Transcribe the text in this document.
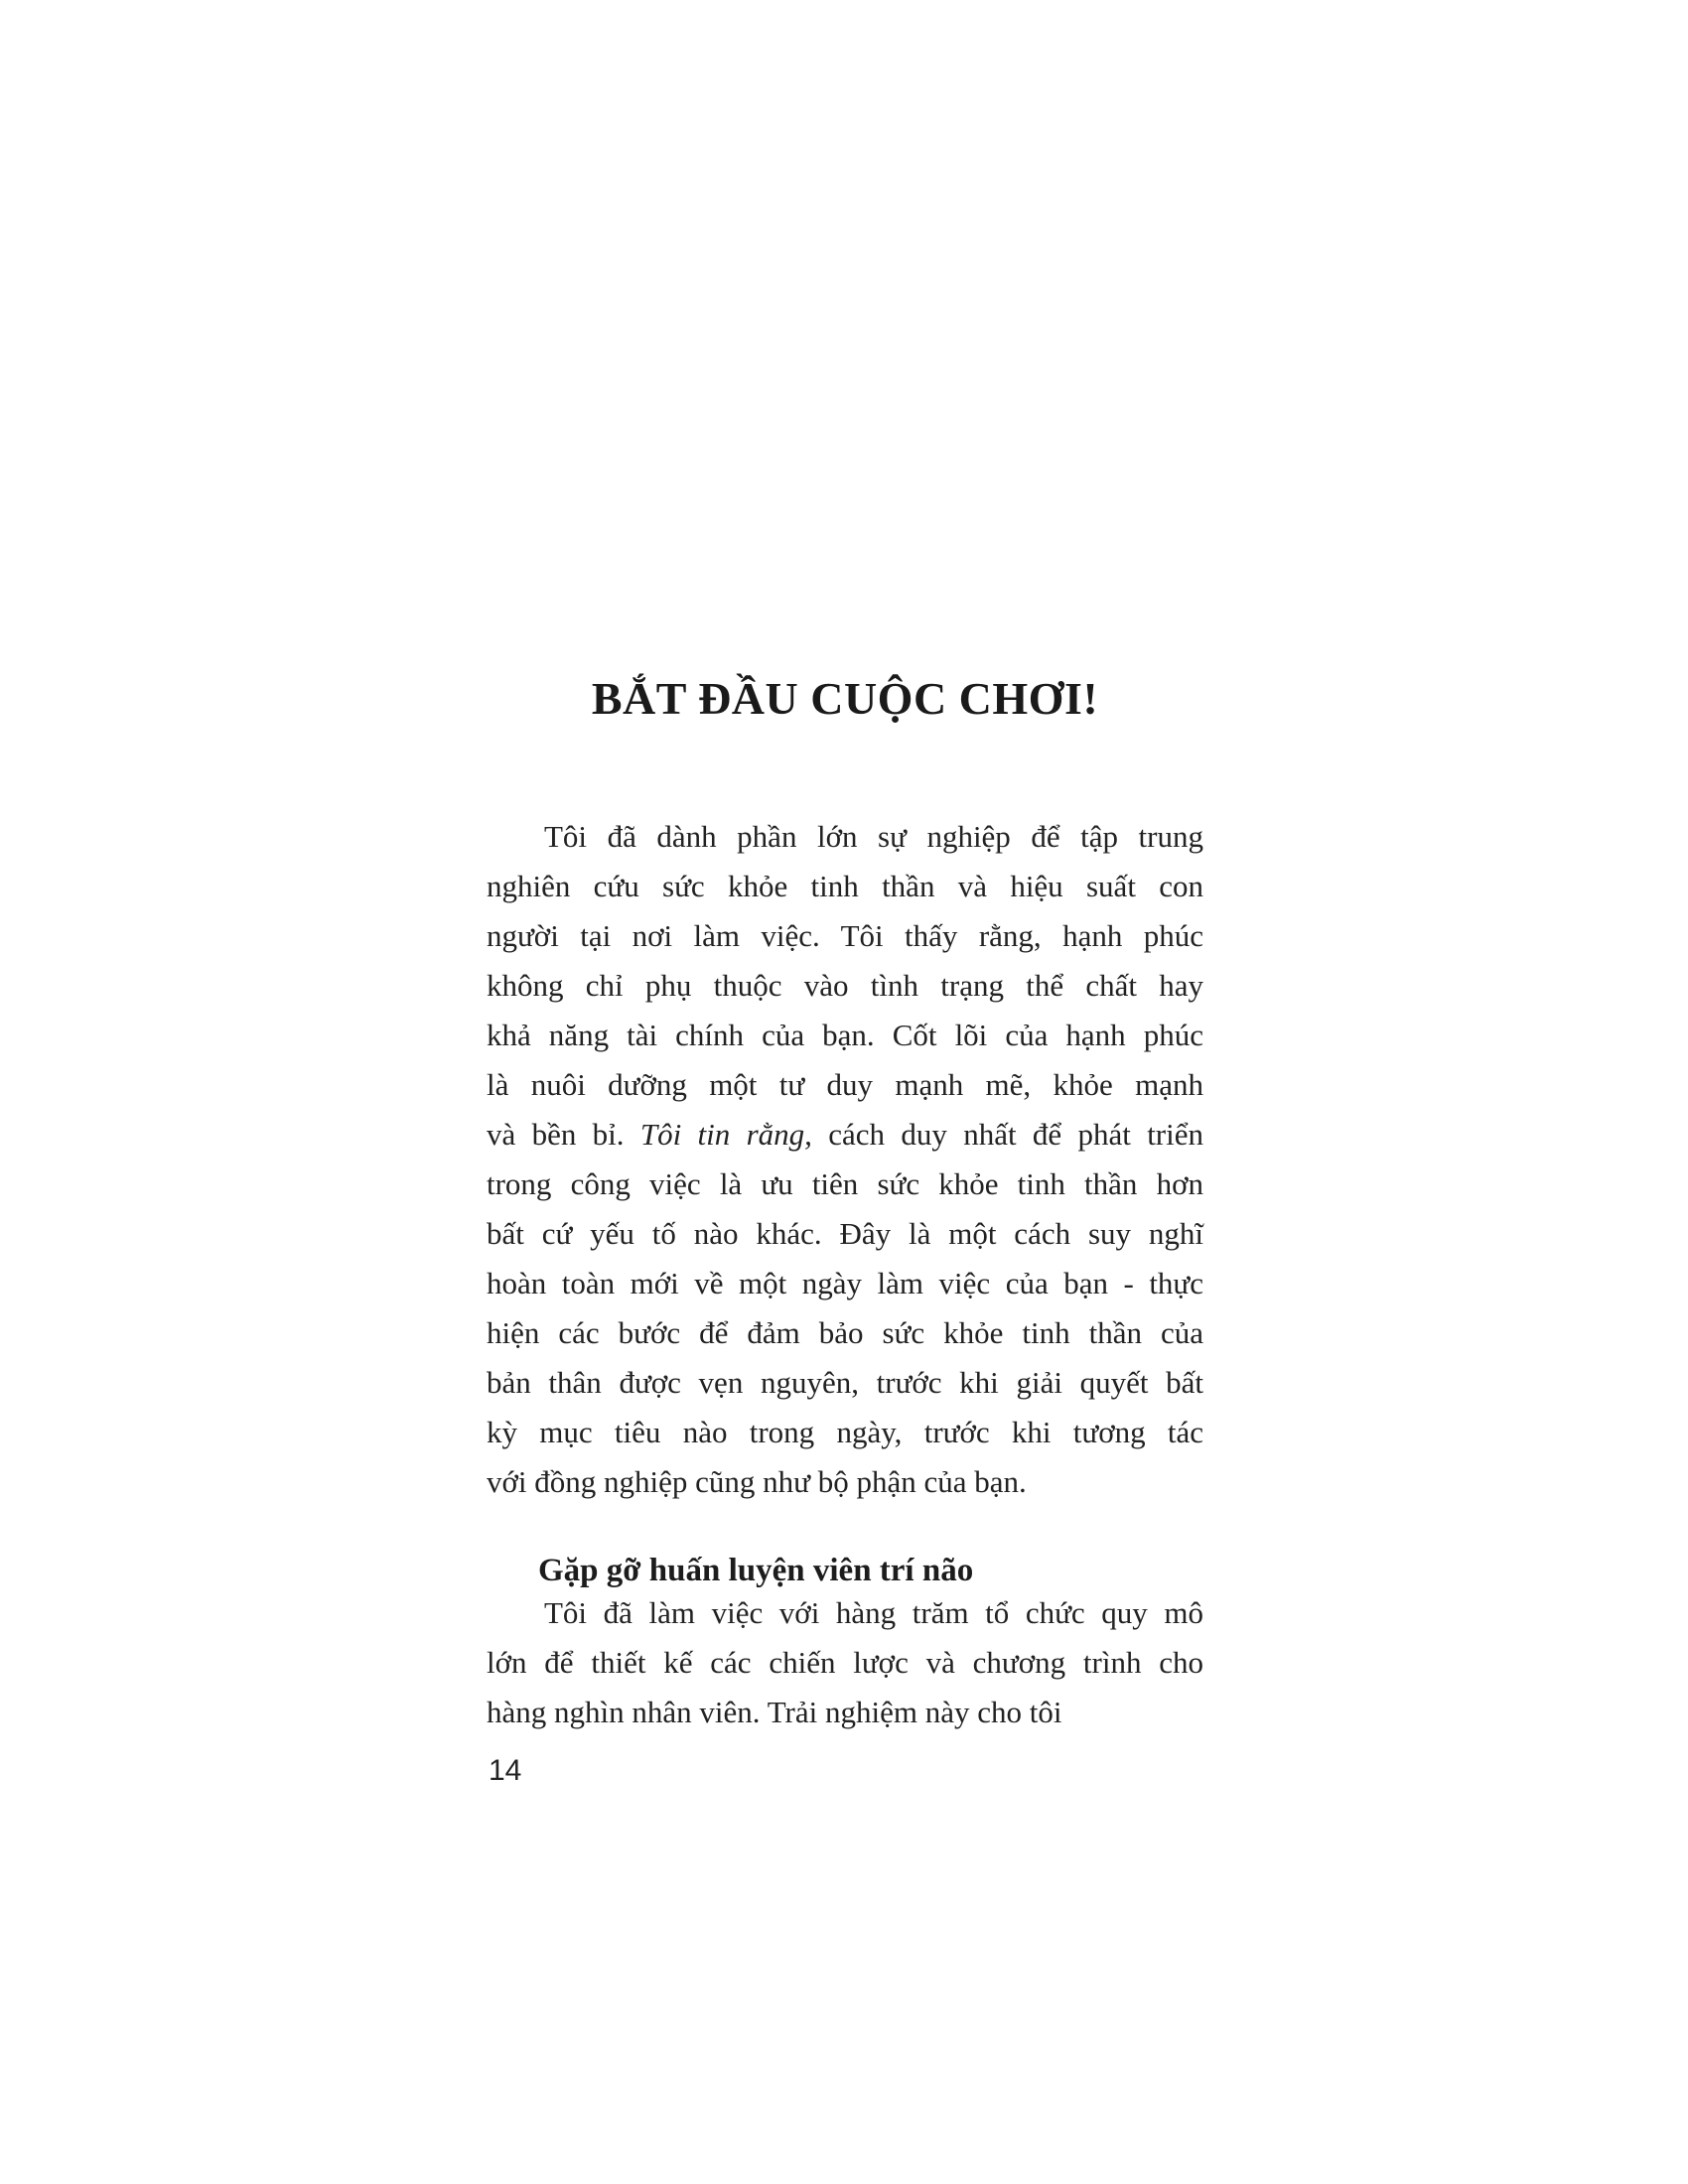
BẮT ĐẦU CUỘC CHƠI!
Tôi đã dành phần lớn sự nghiệp để tập trung
nghiên cứu sức khỏe tinh thần và hiệu suất con
người tại nơi làm việc. Tôi thấy rằng, hạnh phúc
không chỉ phụ thuộc vào tình trạng thể chất hay
khả năng tài chính của bạn. Cốt lõi của hạnh phúc
là nuôi dưỡng một tư duy mạnh mẽ, khỏe mạnh
và bền bỉ. Tôi tin rằng, cách duy nhất để phát triển
trong công việc là ưu tiên sức khỏe tinh thần hơn
bất cứ yếu tố nào khác. Đây là một cách suy nghĩ
hoàn toàn mới về một ngày làm việc của bạn - thực
hiện các bước để đảm bảo sức khỏe tinh thần của
bản thân được vẹn nguyên, trước khi giải quyết bất
kỳ mục tiêu nào trong ngày, trước khi tương tác
với đồng nghiệp cũng như bộ phận của bạn.
Gặp gỡ huấn luyện viên trí não
Tôi đã làm việc với hàng trăm tổ chức quy mô
lớn để thiết kế các chiến lược và chương trình cho
hàng nghìn nhân viên. Trải nghiệm này cho tôi
14
